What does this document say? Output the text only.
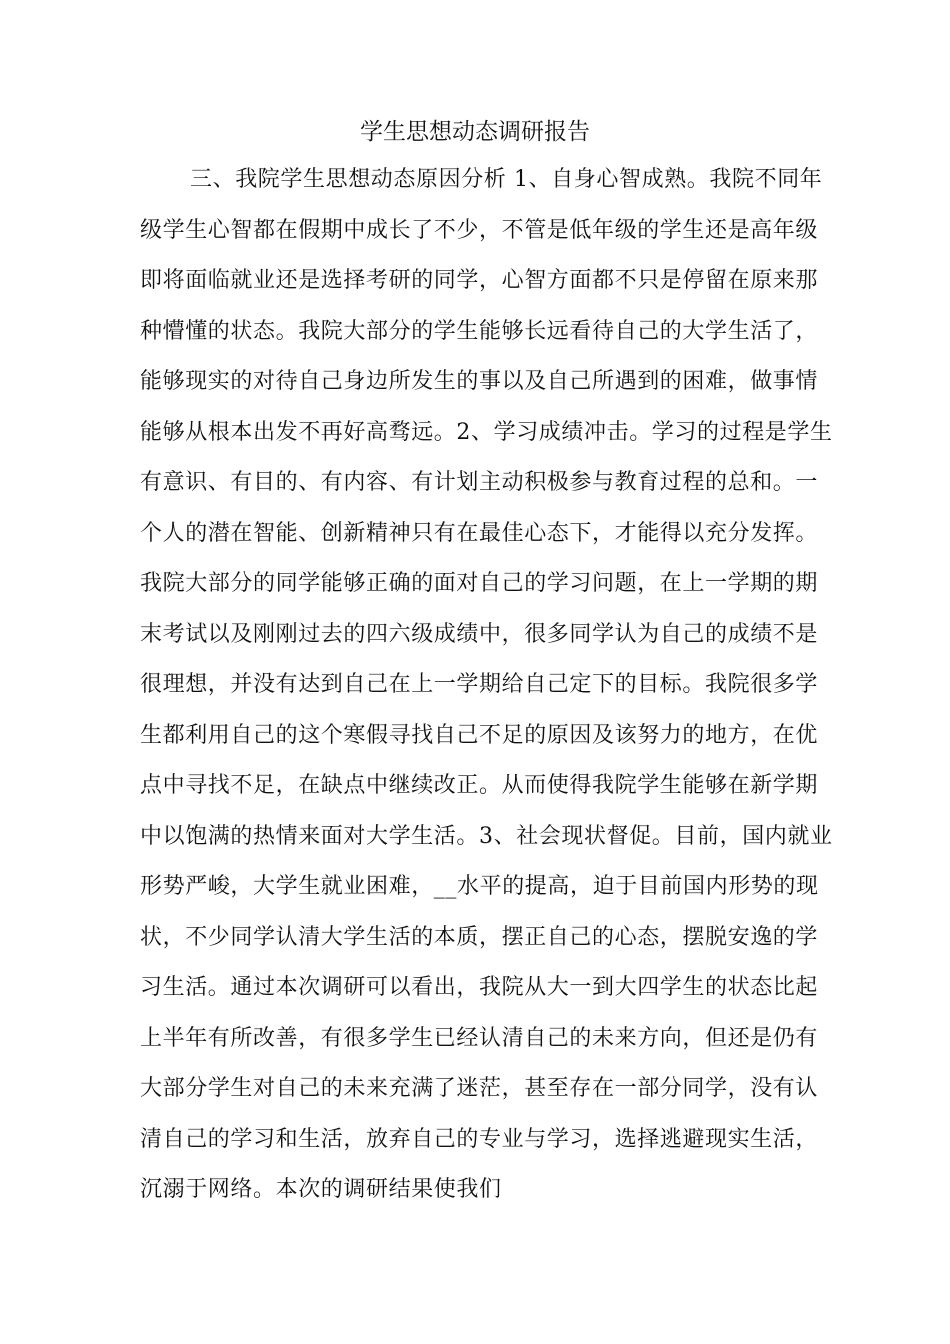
学生思想动态调研报告
三、我院学生思想动态原因分析 1、自身心智成熟。我院不同年
级学生心智都在假期中成长了不少，不管是低年级的学生还是高年级
即将面临就业还是选择考研的同学，心智方面都不只是停留在原来那
种懵懂的状态。我院大部分的学生能够长远看待自己的大学生活了，
能够现实的对待自己身边所发生的事以及自己所遇到的困难，做事情
能够从根本出发不再好高骛远。2、学习成绩冲击。学习的过程是学生
有意识、有目的、有内容、有计划主动积极参与教育过程的总和。一
个人的潜在智能、创新精神只有在最佳心态下，才能得以充分发挥。
我院大部分的同学能够正确的面对自己的学习问题，在上一学期的期
末考试以及刚刚过去的四六级成绩中，很多同学认为自己的成绩不是
很理想，并没有达到自己在上一学期给自己定下的目标。我院很多学
生都利用自己的这个寒假寻找自己不足的原因及该努力的地方，在优
点中寻找不足，在缺点中继续改正。从而使得我院学生能够在新学期
中以饱满的热情来面对大学生活。3、社会现状督促。目前，国内就业
形势严峻，大学生就业困难，__水平的提高，迫于目前国内形势的现
状，不少同学认清大学生活的本质，摆正自己的心态，摆脱安逸的学
习生活。通过本次调研可以看出，我院从大一到大四学生的状态比起
上半年有所改善，有很多学生已经认清自己的未来方向，但还是仍有
大部分学生对自己的未来充满了迷茫，甚至存在一部分同学，没有认
清自己的学习和生活，放弃自己的专业与学习，选择逃避现实生活，
沉溺于网络。本次的调研结果使我们
